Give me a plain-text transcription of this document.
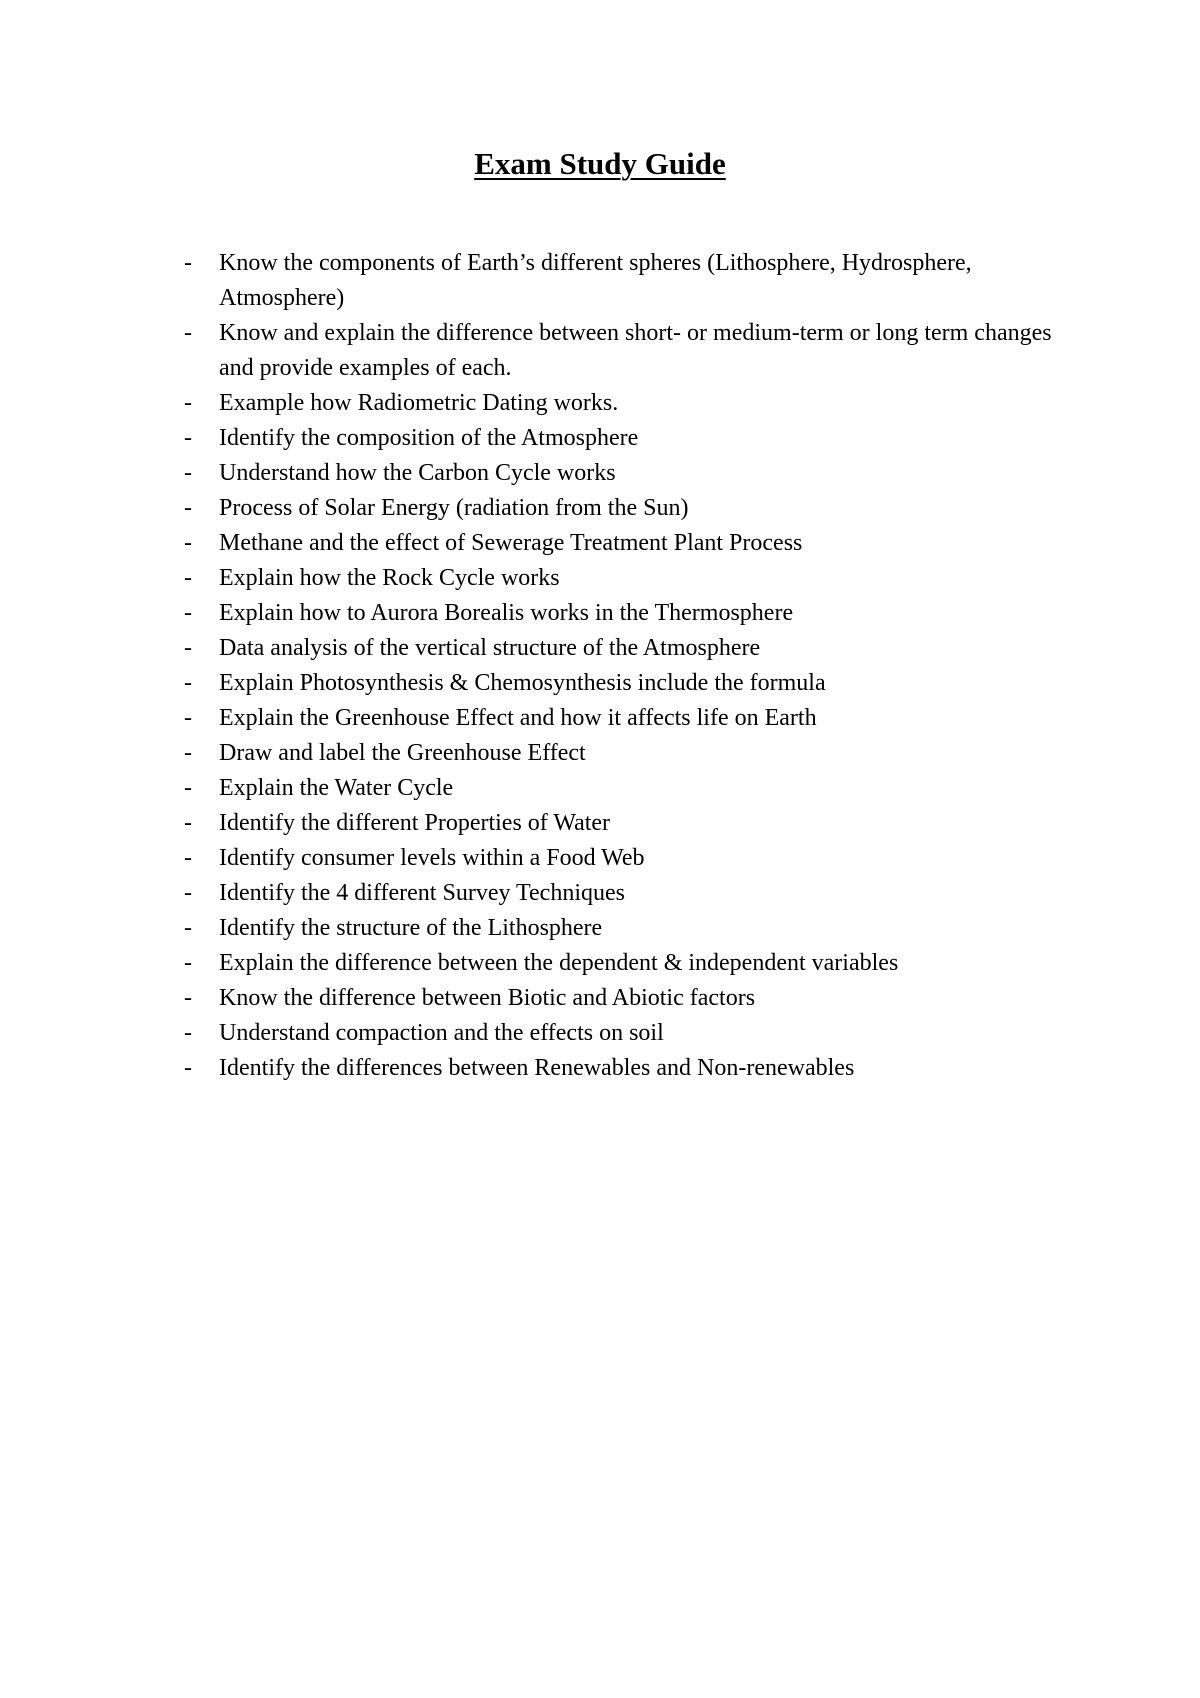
Exam Study Guide
-	Know the components of Earth’s different spheres (Lithosphere, Hydrosphere, Atmosphere)
-	Know and explain the difference between short- or medium-term or long term changes and provide examples of each.
-	Example how Radiometric Dating works.
-	Identify the composition of the Atmosphere
-	Understand how the Carbon Cycle works
-	Process of Solar Energy (radiation from the Sun)
-	Methane and the effect of Sewerage Treatment Plant Process
-	Explain how the Rock Cycle works
-	Explain how to Aurora Borealis works in the Thermosphere
-	Data analysis of the vertical structure of the Atmosphere
-	Explain Photosynthesis & Chemosynthesis include the formula
-	Explain the Greenhouse Effect and how it affects life on Earth
-	Draw and label the Greenhouse Effect
-	Explain the Water Cycle
-	Identify the different Properties of Water
-	Identify consumer levels within a Food Web
-	Identify the 4 different Survey Techniques
-	Identify the structure of the Lithosphere
-	Explain the difference between the dependent & independent variables
-	Know the difference between Biotic and Abiotic factors
-	Understand compaction and the effects on soil
-	Identify the differences between Renewables and Non-renewables
